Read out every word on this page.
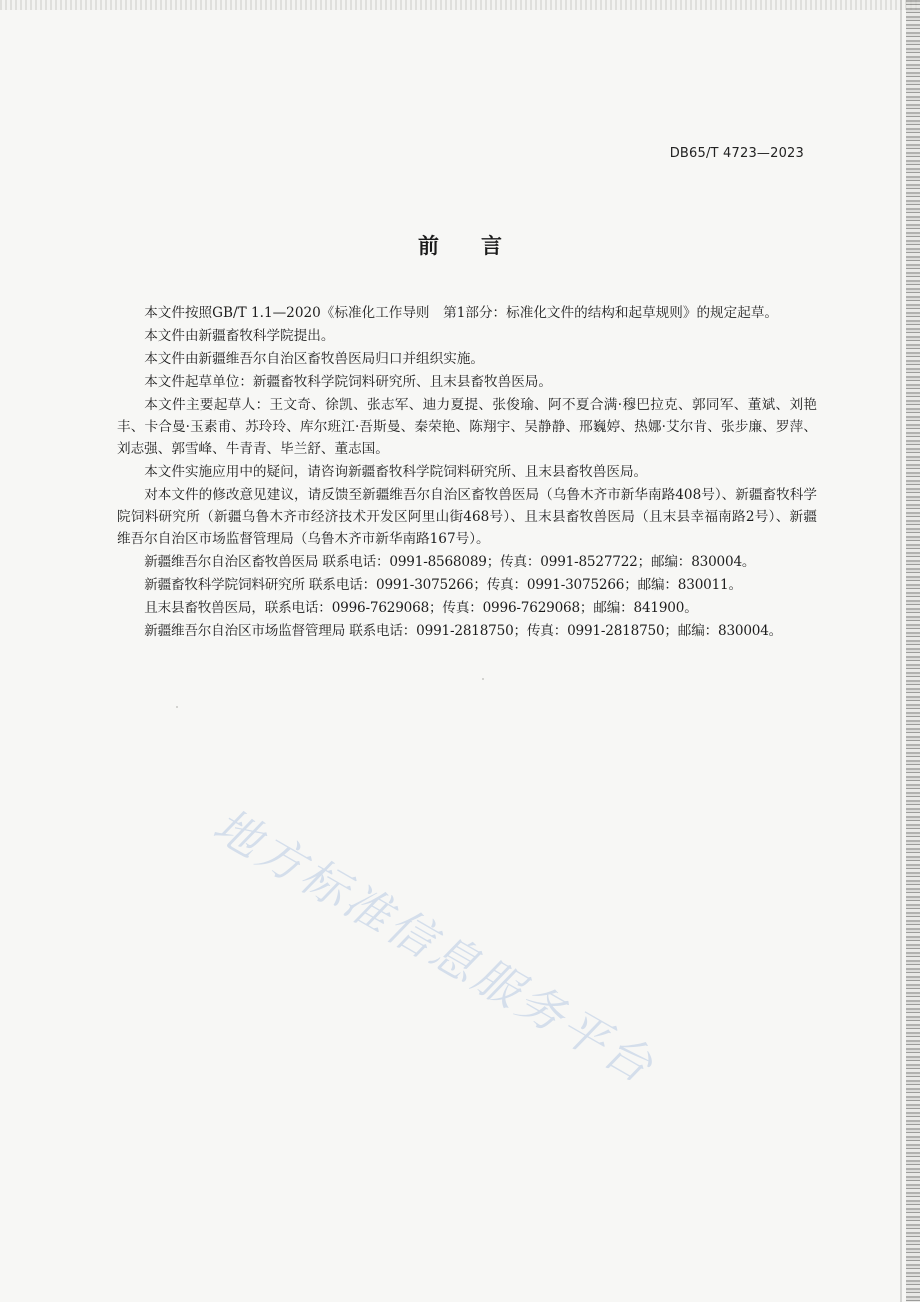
DB65/T 4723—2023
前言

本文件按照GB/T 1.1—2020《标准化工作导则　第1部分：标准化文件的结构和起草规则》的规定起草。

本文件由新疆畜牧科学院提出。

本文件由新疆维吾尔自治区畜牧兽医局归口并组织实施。

本文件起草单位：新疆畜牧科学院饲料研究所、且末县畜牧兽医局。

本文件主要起草人：王文奇、徐凯、张志军、迪力夏提、张俊瑜、阿不夏合满·穆巴拉克、郭同军、董斌、刘艳丰、卡合曼·玉素甫、苏玲玲、库尔班江·吾斯曼、秦荣艳、陈翔宇、吴静静、邢巍婷、热娜·艾尔肯、张步廉、罗萍、刘志强、郭雪峰、牛青青、毕兰舒、董志国。

本文件实施应用中的疑问，请咨询新疆畜牧科学院饲料研究所、且末县畜牧兽医局。

对本文件的修改意见建议，请反馈至新疆维吾尔自治区畜牧兽医局（乌鲁木齐市新华南路408号）、新疆畜牧科学院饲料研究所（新疆乌鲁木齐市经济技术开发区阿里山街468号）、且末县畜牧兽医局（且末县幸福南路2号）、新疆维吾尔自治区市场监督管理局（乌鲁木齐市新华南路167号）。

新疆维吾尔自治区畜牧兽医局 联系电话：0991-8568089；传真：0991-8527722；邮编：830004。

新疆畜牧科学院饲料研究所 联系电话：0991-3075266；传真：0991-3075266；邮编：830011。

且末县畜牧兽医局，联系电话：0996-7629068；传真：0996-7629068；邮编：841900。

新疆维吾尔自治区市场监督管理局 联系电话：0991-2818750；传真：0991-2818750；邮编：830004。

地方标准信息服务平台
